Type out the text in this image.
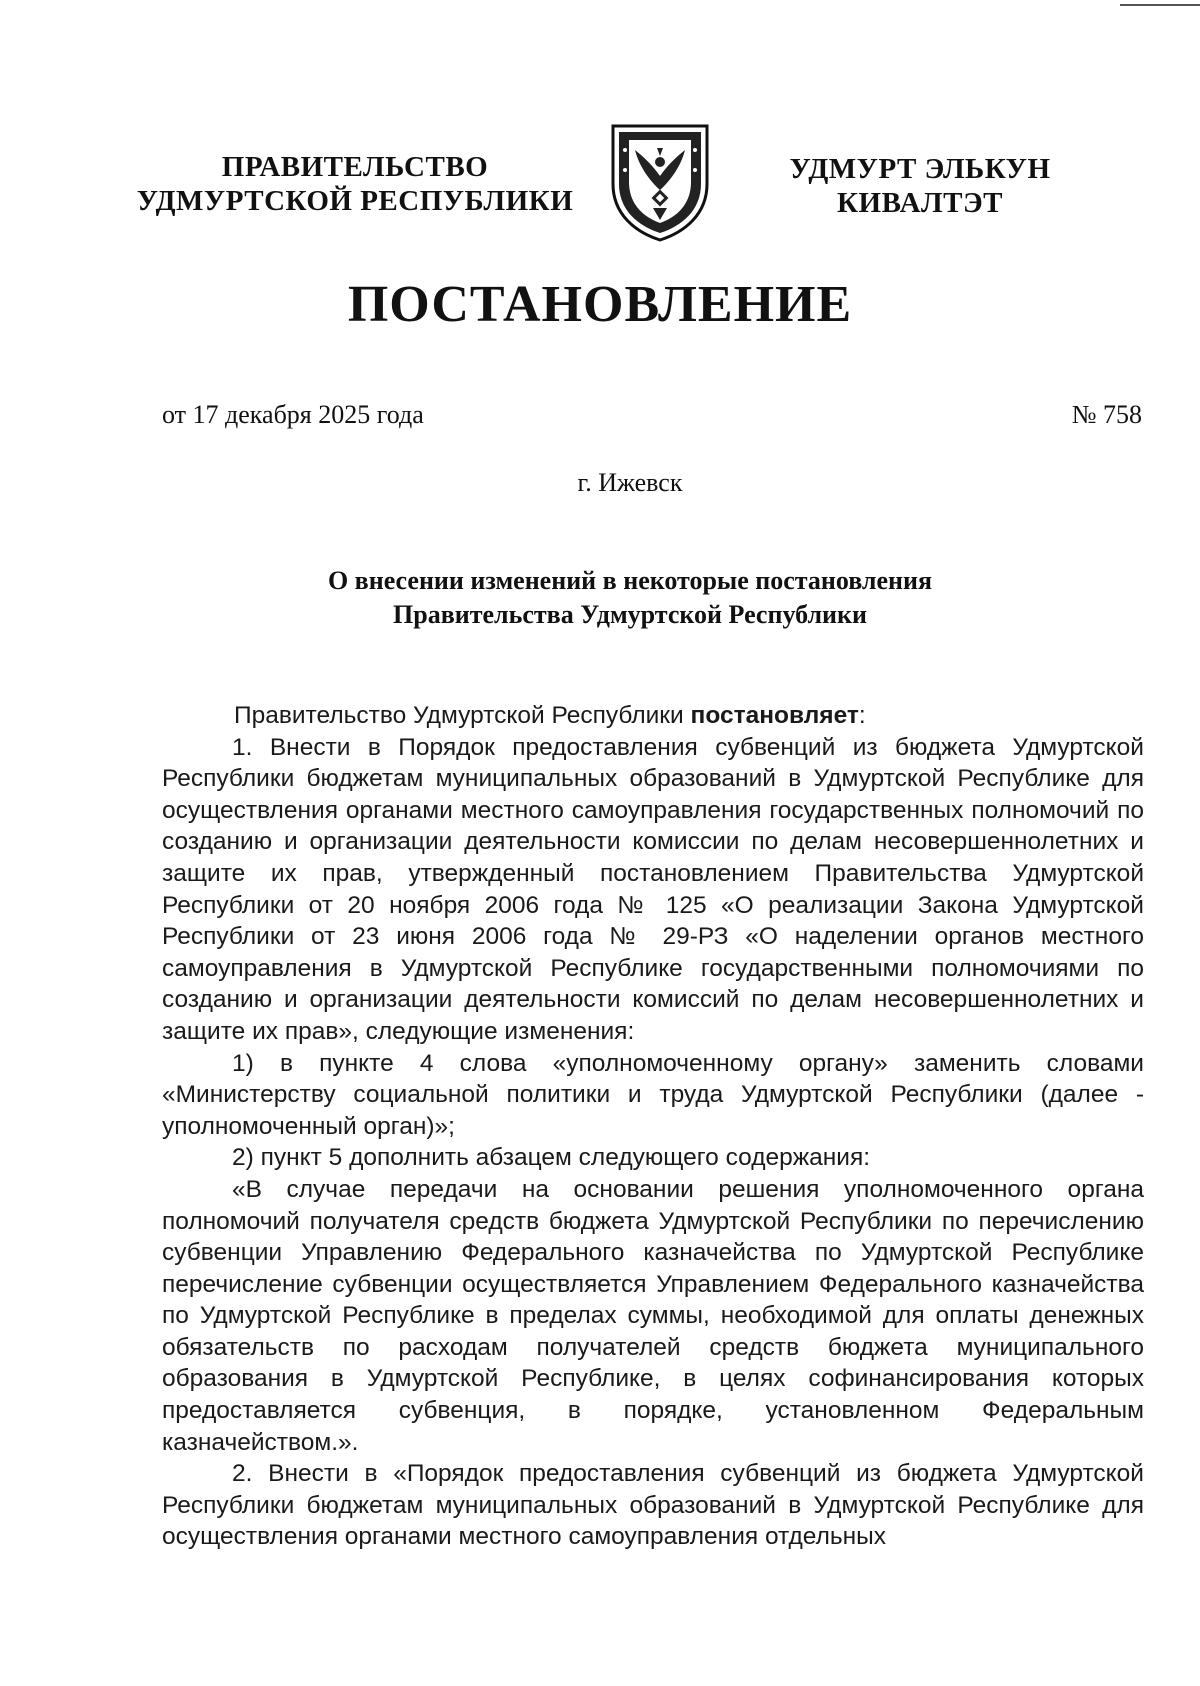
ПРАВИТЕЛЬСТВО
УДМУРТСКОЙ РЕСПУБЛИКИ
УДМУРТ ЭЛЬКУН
КИВАЛТЭТ
ПОСТАНОВЛЕНИЕ
от 17 декабря 2025 года	№ 758
г. Ижевск
О внесении изменений в некоторые постановления
Правительства Удмуртской Республики

Правительство Удмуртской Республики постановляет:

1. Внести в Порядок предоставления субвенций из бюджета Удмуртской Республики бюджетам муниципальных образований в Удмуртской Республике для осуществления органами местного самоуправления государственных полномочий по созданию и организации деятельности комиссии по делам несовершеннолетних и защите их прав, утвержденный постановлением Правительства Удмуртской Республики от 20 ноября 2006 года № 125 «О реализации Закона Удмуртской Республики от 23 июня 2006 года № 29-РЗ «О наделении органов местного самоуправления в Удмуртской Республике государственными полномочиями по созданию и организации деятельности комиссий по делам несовершеннолетних и защите их прав», следующие изменения:

1) в пункте 4 слова «уполномоченному органу» заменить словами «Министерству социальной политики и труда Удмуртской Республики (далее - уполномоченный орган)»;

2) пункт 5 дополнить абзацем следующего содержания:

«В случае передачи на основании решения уполномоченного органа полномочий получателя средств бюджета Удмуртской Республики по перечислению субвенции Управлению Федерального казначейства по Удмуртской Республике перечисление субвенции осуществляется Управлением Федерального казначейства по Удмуртской Республике в пределах суммы, необходимой для оплаты денежных обязательств по расходам получателей средств бюджета муниципального образования в Удмуртской Республике, в целях софинансирования которых предоставляется субвенция, в порядке, установленном Федеральным казначейством.».

2. Внести в «Порядок предоставления субвенций из бюджета Удмуртской Республики бюджетам муниципальных образований в Удмуртской Республике для осуществления органами местного самоуправления отдельных
